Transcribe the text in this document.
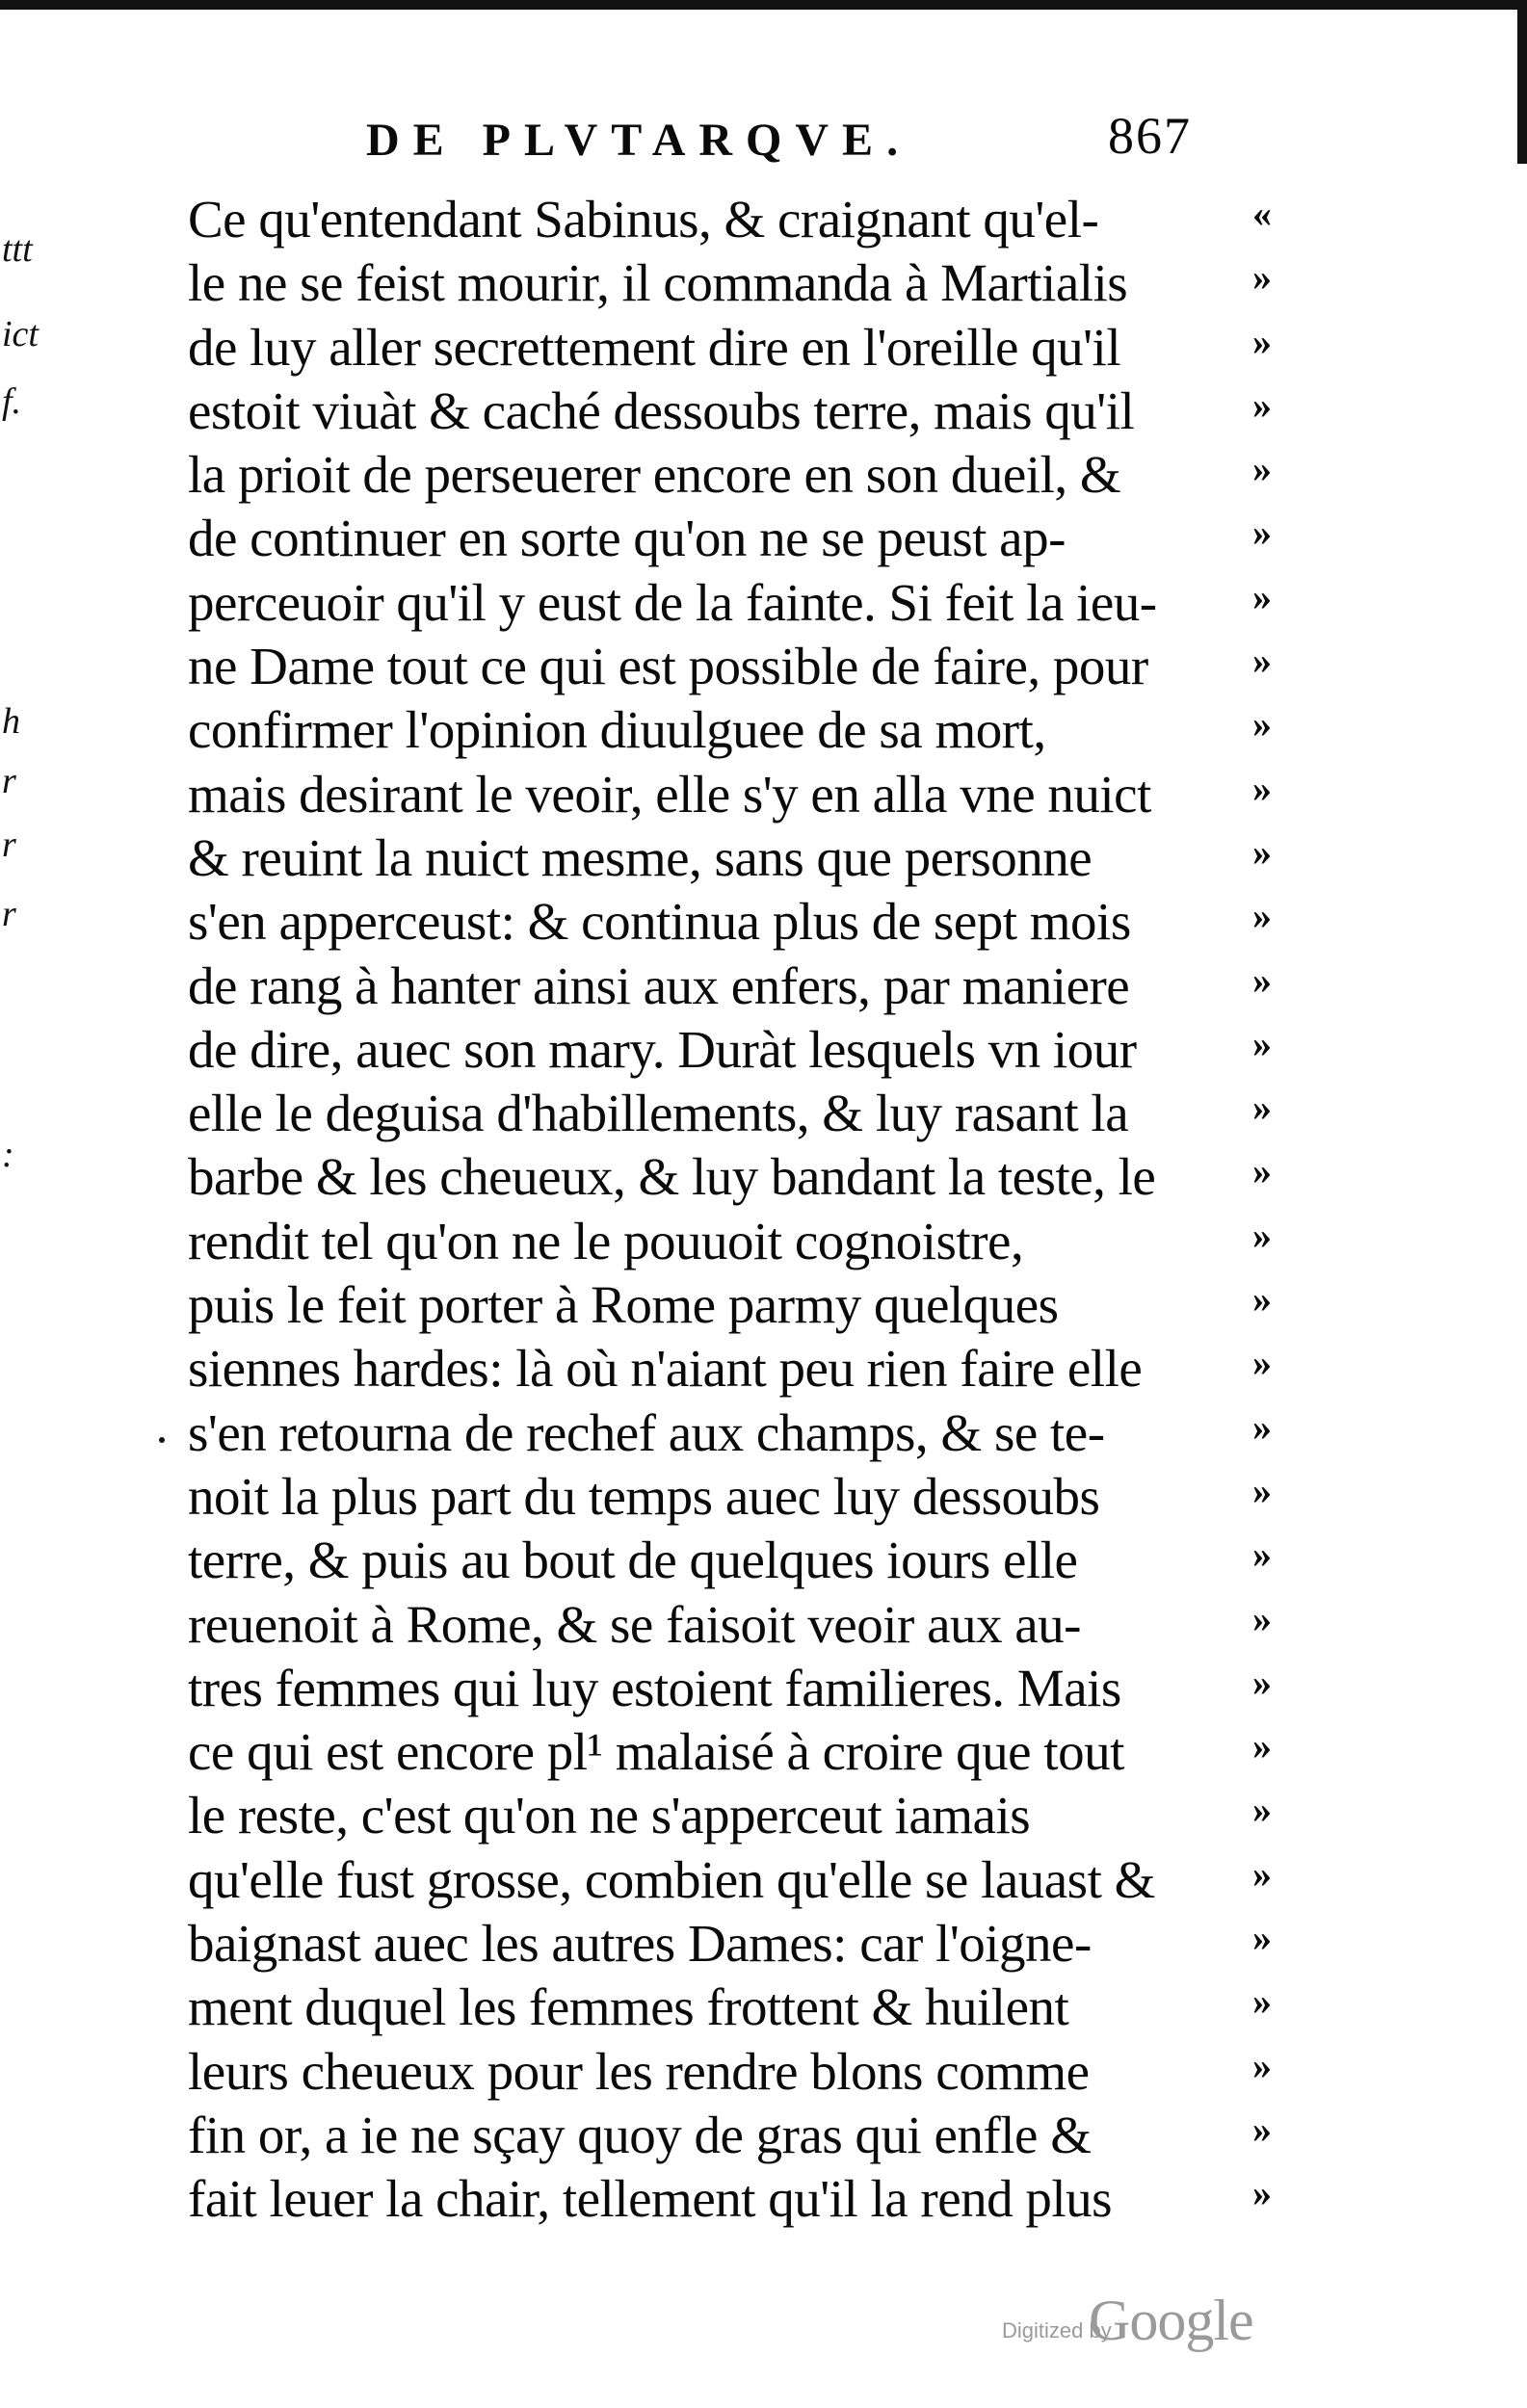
ttt
ict
f.
h
r
r
r
:
DE PLVTARQVE.	867
Ce qu'entendant Sabinus, & craignant qu'el-	«
le ne se feist mourir, il commanda à Martialis	»
de luy aller secrettement dire en l'oreille qu'il	»
estoit viuàt & caché dessoubs terre, mais qu'il	»
la prioit de perseuerer encore en son dueil, &	»
de continuer en sorte qu'on ne se peust ap-	»
perceuoir qu'il y eust de la fainte. Si feit la ieu- »
ne Dame tout ce qui est possible de faire, pour	»
confirmer l'opinion diuulguee de sa mort,	»
mais desirant le veoir, elle s'y en alla vne nuict	»
& reuint la nuict mesme, sans que personne	»
s'en apperceust: & continua plus de sept mois	»
de rang à hanter ainsi aux enfers, par maniere	»
de dire, auec son mary. Duràt lesquels vn iour	»
elle le deguisa d'habillements, & luy rasant la	»
barbe & les cheueux, & luy bandant la teste, le	»
rendit tel qu'on ne le pouuoit cognoistre,	»
puis le feit porter à Rome parmy quelques	»
siennes hardes: là où n'aiant peu rien faire elle	»
s'en retourna de rechef aux champs, & se te-	»
noit la plus part du temps auec luy dessoubs	»
terre, & puis au bout de quelques iours elle	»
reuenoit à Rome, & se faisoit veoir aux au-	»
tres femmes qui luy estoient familieres. Mais	»
ce qui est encore pl¹ malaisé à croire que tout	»
le reste, c'est qu'on ne s'apperceut iamais	»
qu'elle fust grosse, combien qu'elle se lauast &	»
baignast auec les autres Dames: car l'oigne-	»
ment duquel les femmes frottent & huilent	»
leurs cheueux pour les rendre blons comme	»
fin or, a ie ne sçay quoy de gras qui enfle &	»
fait leuer la chair, tellement qu'il la rend plus	»
Digitized by
Google
